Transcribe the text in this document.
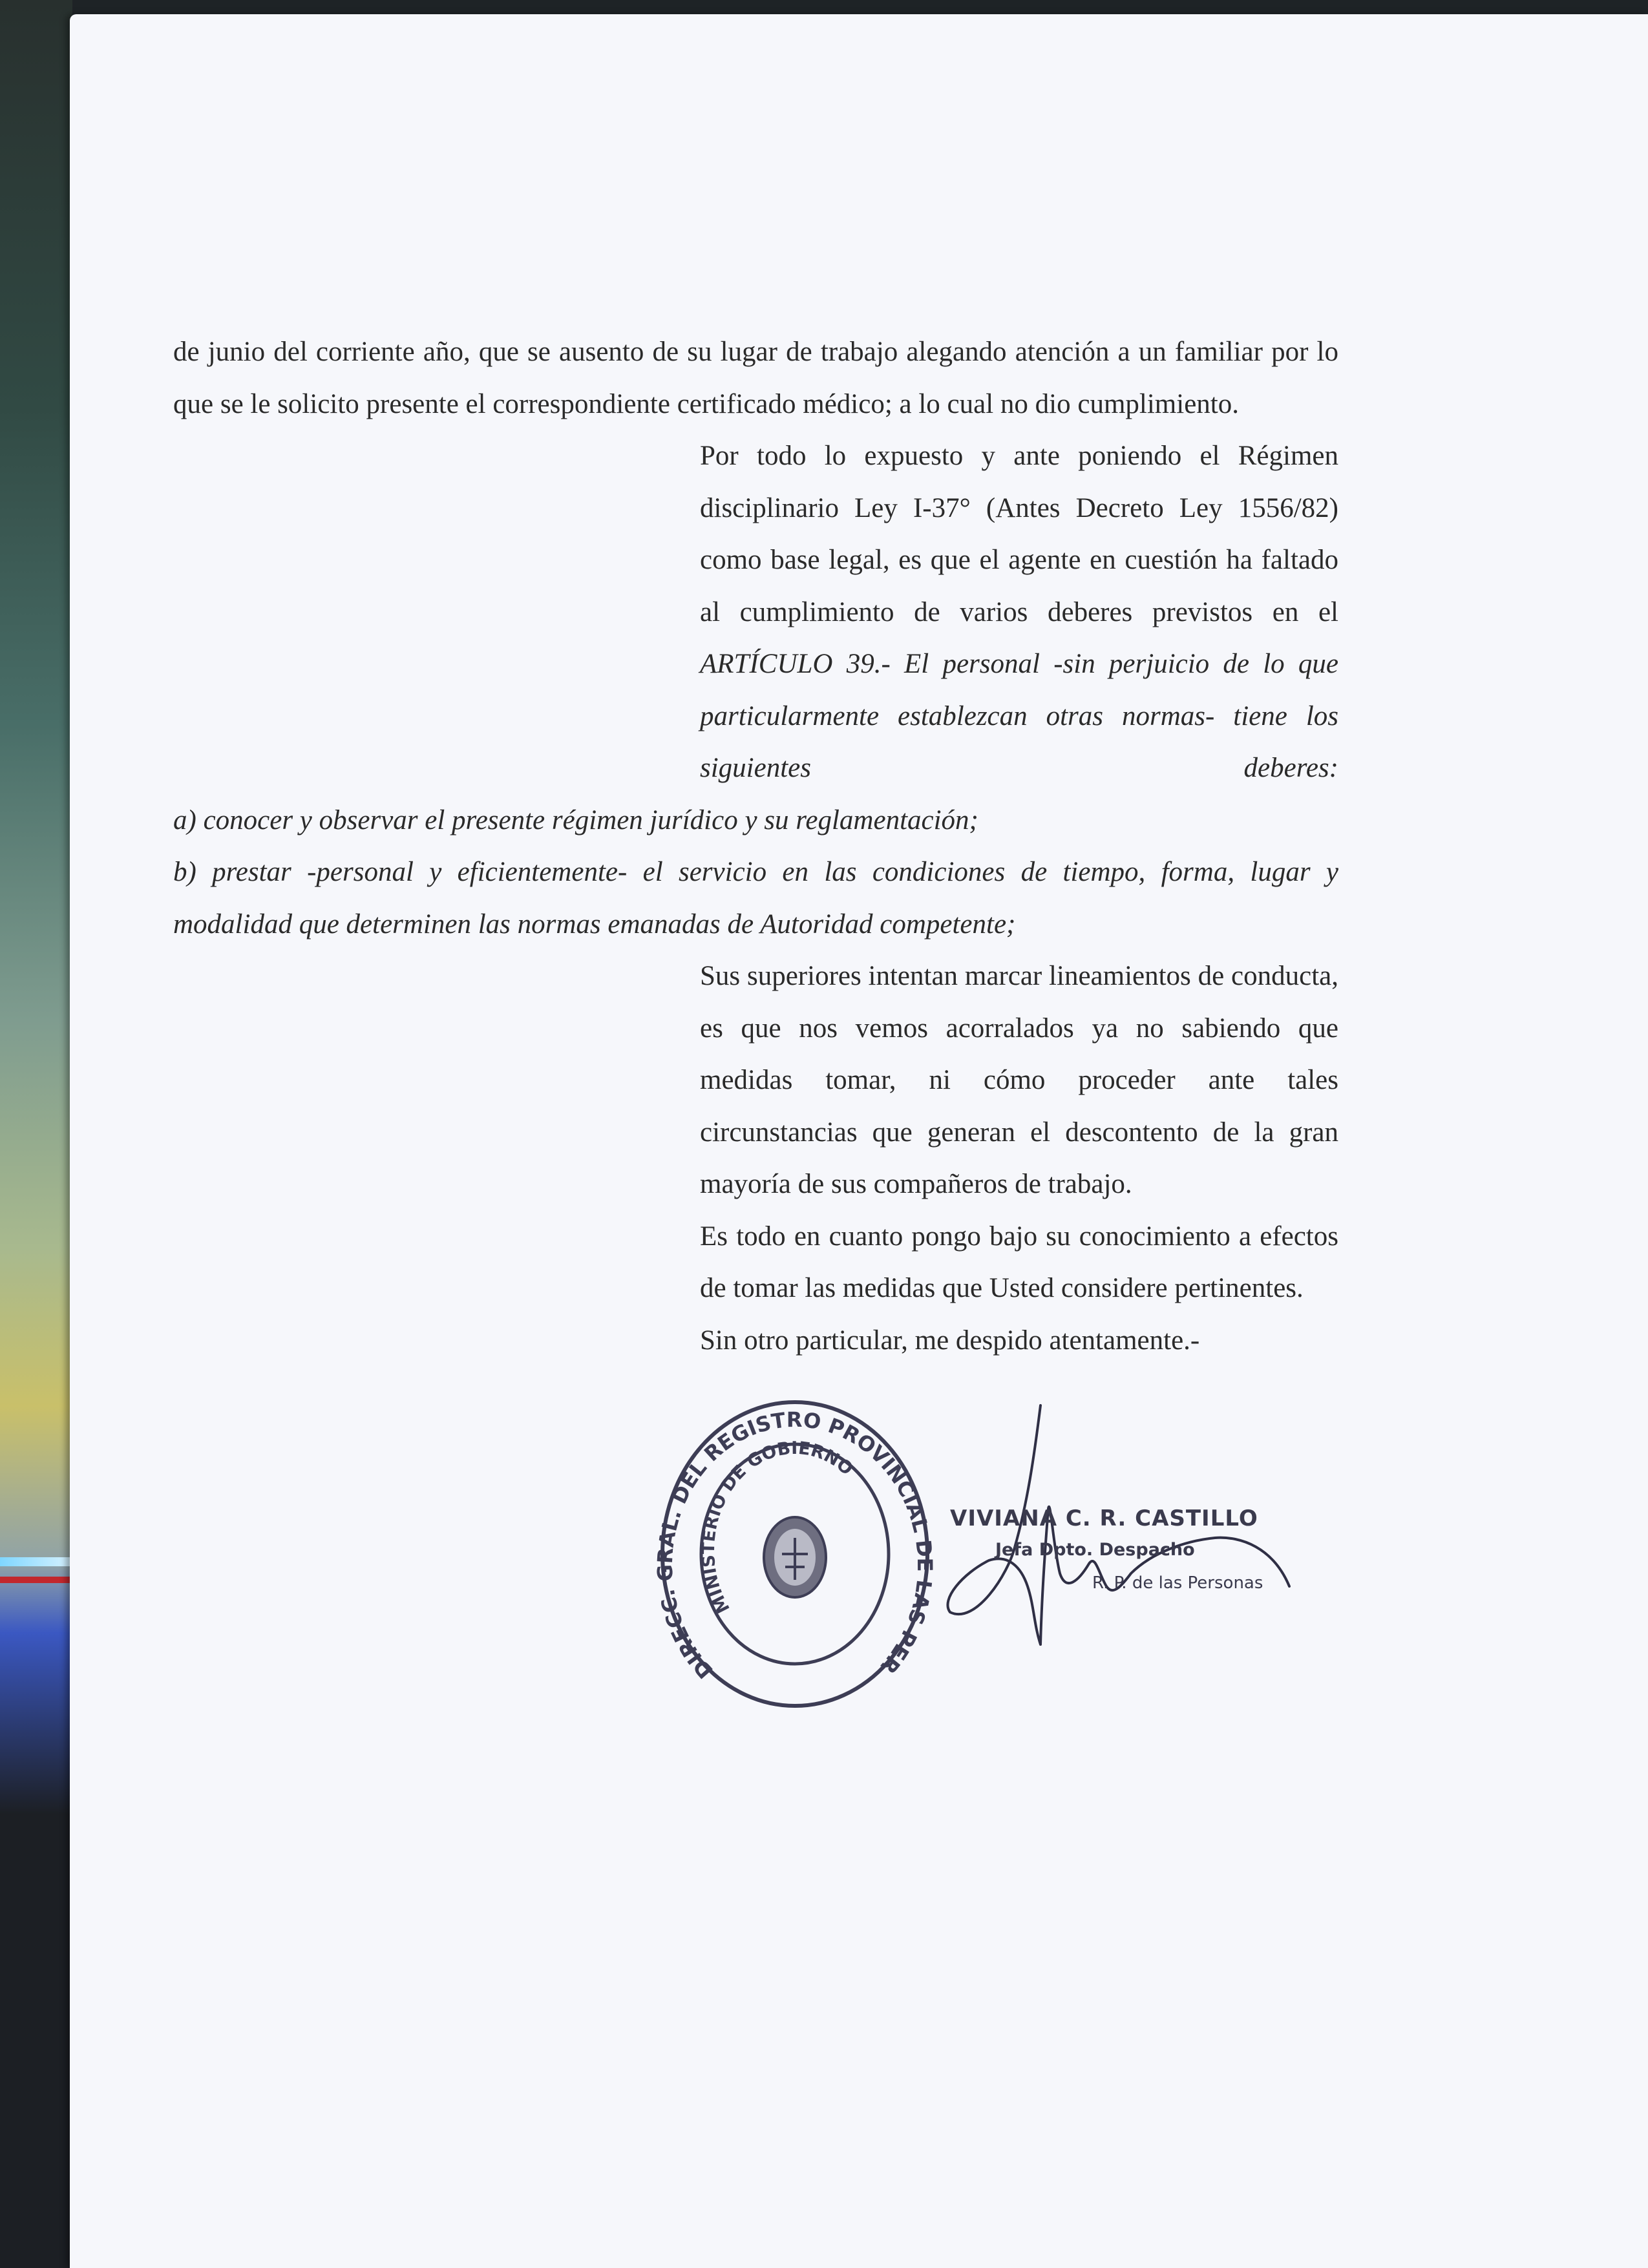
de junio del corriente año, que se ausento de su lugar de trabajo alegando atención a un familiar por lo que se le solicito presente el correspondiente certificado médico; a lo cual no dio cumplimiento.

Por todo lo expuesto y ante poniendo el Régimen disciplinario Ley I-37° (Antes Decreto Ley 1556/82) como base legal, es que el agente en cuestión ha faltado al cumplimiento de varios deberes previstos en el ARTÍCULO 39.- El personal -sin perjuicio de lo que particularmente establezcan otras normas- tiene los siguientes deberes:

a) conocer y observar el presente régimen jurídico y su reglamentación;

b) prestar -personal y eficientemente- el servicio en las condiciones de tiempo, forma, lugar y modalidad que determinen las normas emanadas de Autoridad competente;

Sus superiores intentan marcar lineamientos de conducta, es que nos vemos acorralados ya no sabiendo que medidas tomar, ni cómo proceder ante tales circunstancias que generan el descontento de la gran mayoría de sus compañeros de trabajo.

Es todo en cuanto pongo bajo su conocimiento a efectos de tomar las medidas que Usted considere pertinentes.

Sin otro particular, me despido atentamente.-

DIRECC. GRAL. DEL REGISTRO PROVINCIAL DE LAS PER
MINISTERIO DE GOBIERNO
VIVIANA C. R. CASTILLO
Jefa Dpto. Despacho
R. P. de las Personas
